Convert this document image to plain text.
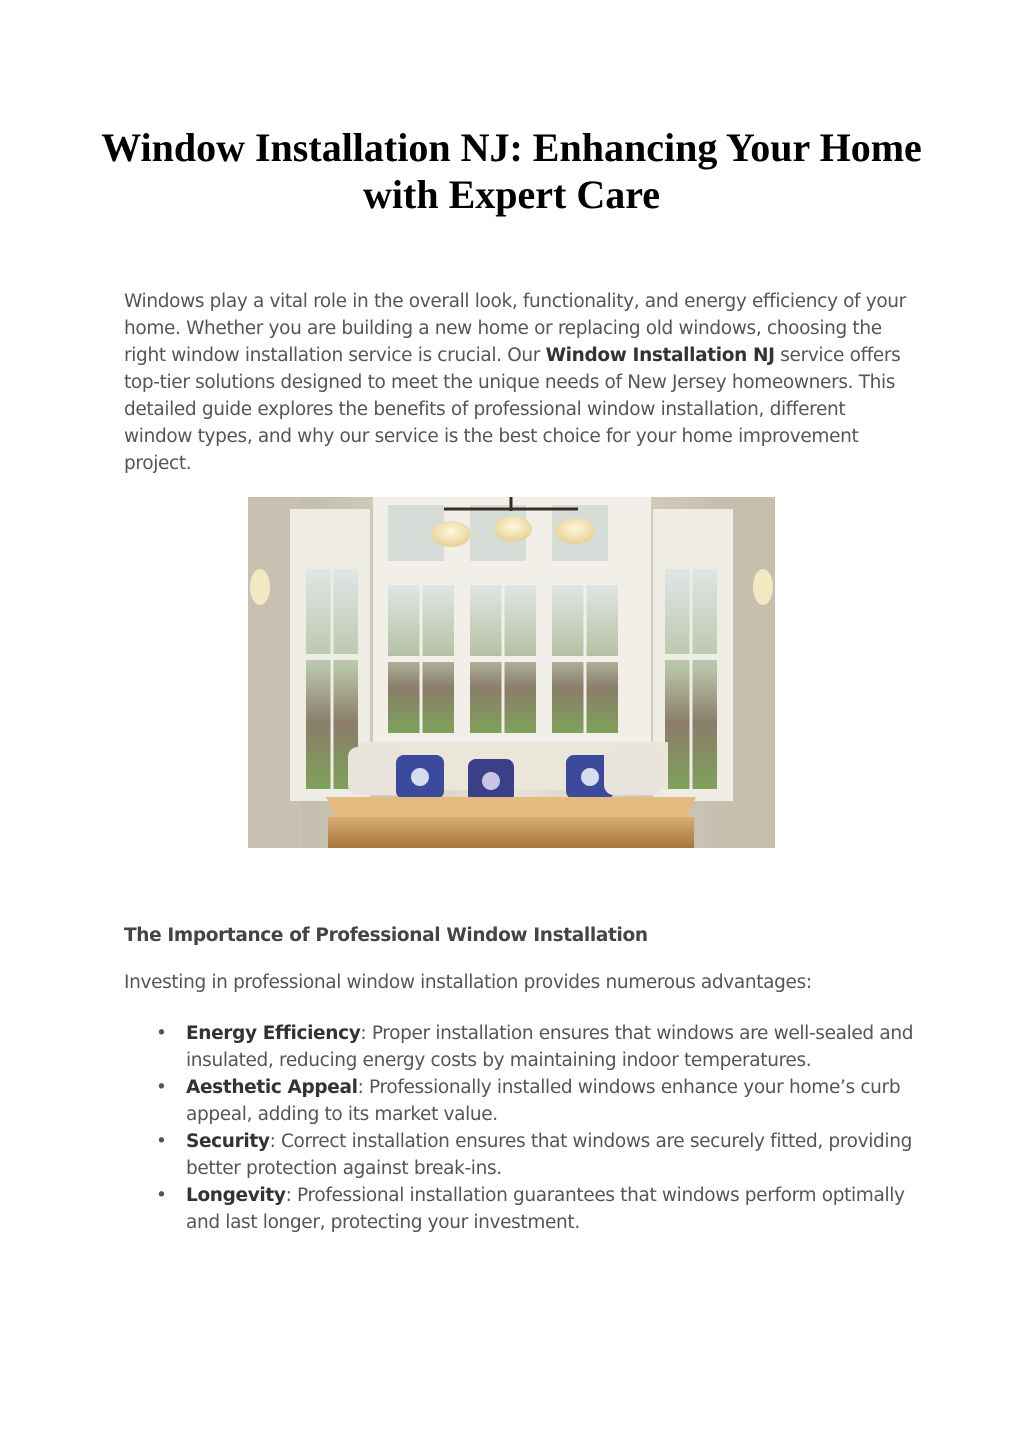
Window Installation NJ: Enhancing Your Home with Expert Care

Windows play a vital role in the overall look, functionality, and energy efficiency of your home. Whether you are building a new home or replacing old windows, choosing the right window installation service is crucial. Our Window Installation NJ service offers top-tier solutions designed to meet the unique needs of New Jersey homeowners. This detailed guide explores the benefits of professional window installation, different window types, and why our service is the best choice for your home improvement project.

The Importance of Professional Window Installation

Investing in professional window installation provides numerous advantages:

• Energy Efficiency: Proper installation ensures that windows are well-sealed and insulated, reducing energy costs by maintaining indoor temperatures.
• Aesthetic Appeal: Professionally installed windows enhance your home’s curb appeal, adding to its market value.
• Security: Correct installation ensures that windows are securely fitted, providing better protection against break-ins.
• Longevity: Professional installation guarantees that windows perform optimally and last longer, protecting your investment.
